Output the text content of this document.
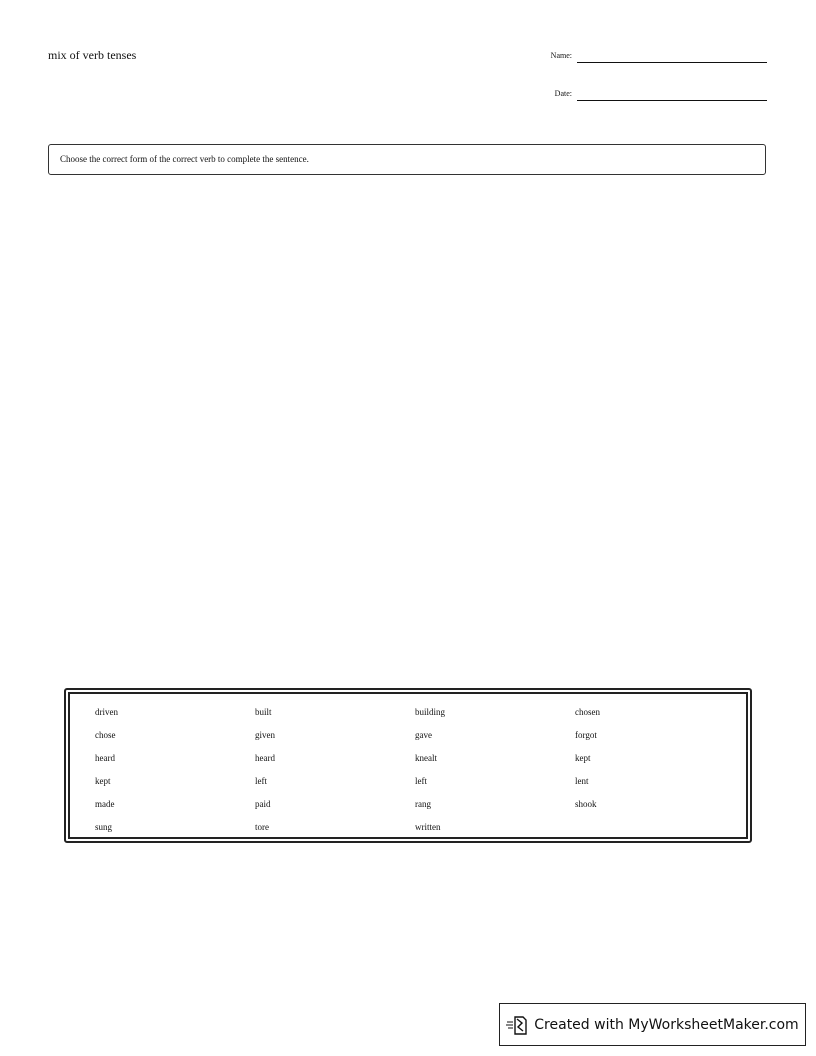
mix of verb tenses	Name:
Date:
Choose the correct form of the correct verb to complete the sentence.
driven	built	building	chosen
chose	given	gave	forgot
heard	heard	knealt	kept
kept	left	left	lent
made	paid	rang	shook
sung	tore	written
Created with MyWorksheetMaker.com
